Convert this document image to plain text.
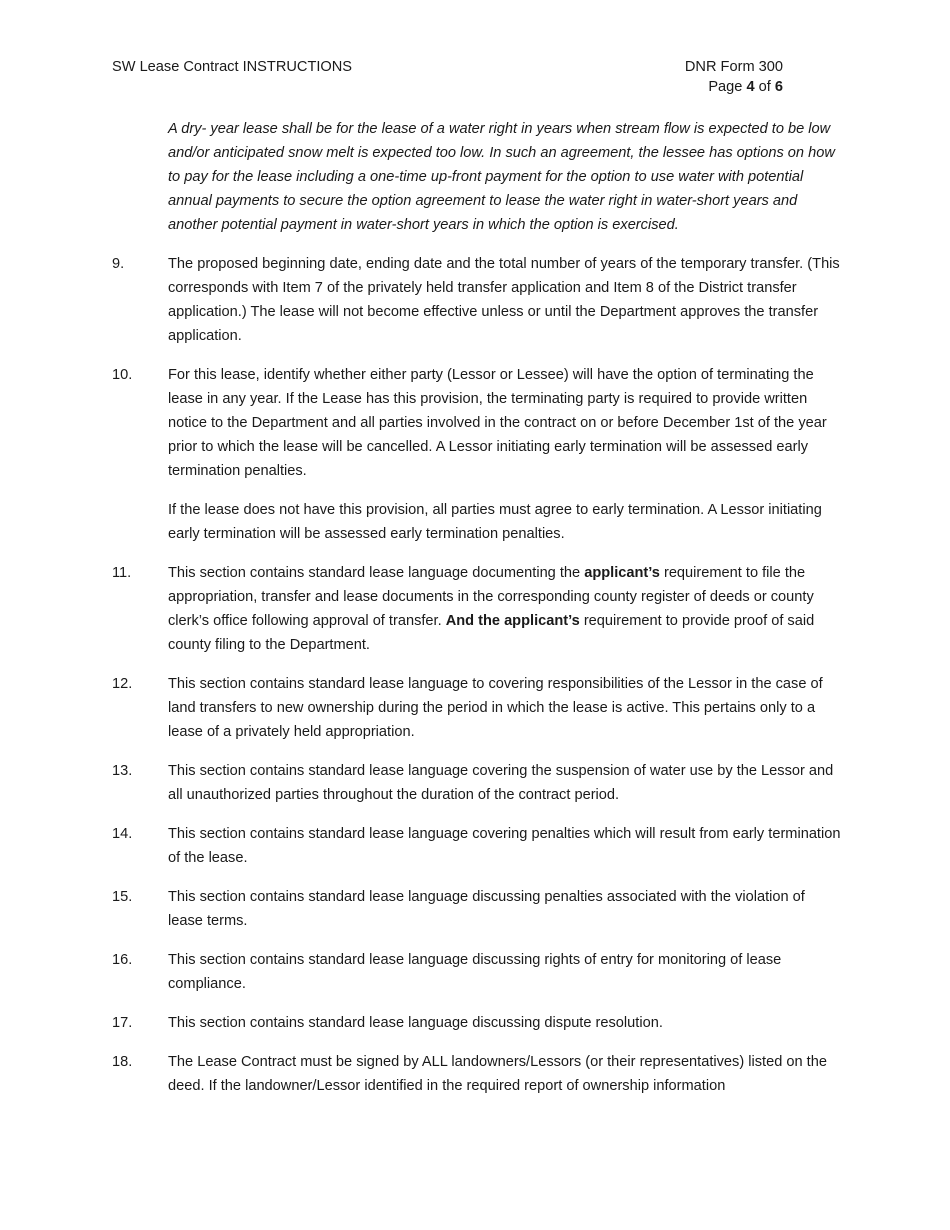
SW Lease Contract INSTRUCTIONS	DNR Form 300
Page 4 of 6
A dry- year lease shall be for the lease of a water right in years when stream flow is expected to be low and/or anticipated snow melt is expected too low. In such an agreement, the lessee has options on how to pay for the lease including a one-time up-front payment for the option to use water with potential annual payments to secure the option agreement to lease the water right in water-short years and another potential payment in water-short years in which the option is exercised.
9.	The proposed beginning date, ending date and the total number of years of the temporary transfer. (This corresponds with Item 7 of the privately held transfer application and Item 8 of the District transfer application.) The lease will not become effective unless or until the Department approves the transfer application.
10.	For this lease, identify whether either party (Lessor or Lessee) will have the option of terminating the lease in any year. If the Lease has this provision, the terminating party is required to provide written notice to the Department and all parties involved in the contract on or before December 1st of the year prior to which the lease will be cancelled. A Lessor initiating early termination will be assessed early termination penalties.
If the lease does not have this provision, all parties must agree to early termination. A Lessor initiating early termination will be assessed early termination penalties.
11.	This section contains standard lease language documenting the applicant’s requirement to file the appropriation, transfer and lease documents in the corresponding county register of deeds or county clerk’s office following approval of transfer. And the applicant’s requirement to provide proof of said county filing to the Department.
12.	This section contains standard lease language to covering responsibilities of the Lessor in the case of land transfers to new ownership during the period in which the lease is active. This pertains only to a lease of a privately held appropriation.
13.	This section contains standard lease language covering the suspension of water use by the Lessor and all unauthorized parties throughout the duration of the contract period.
14.	This section contains standard lease language covering penalties which will result from early termination of the lease.
15.	This section contains standard lease language discussing penalties associated with the violation of lease terms.
16.	This section contains standard lease language discussing rights of entry for monitoring of lease compliance.
17.	This section contains standard lease language discussing dispute resolution.
18.	The Lease Contract must be signed by ALL landowners/Lessors (or their representatives) listed on the deed. If the landowner/Lessor identified in the required report of ownership information
